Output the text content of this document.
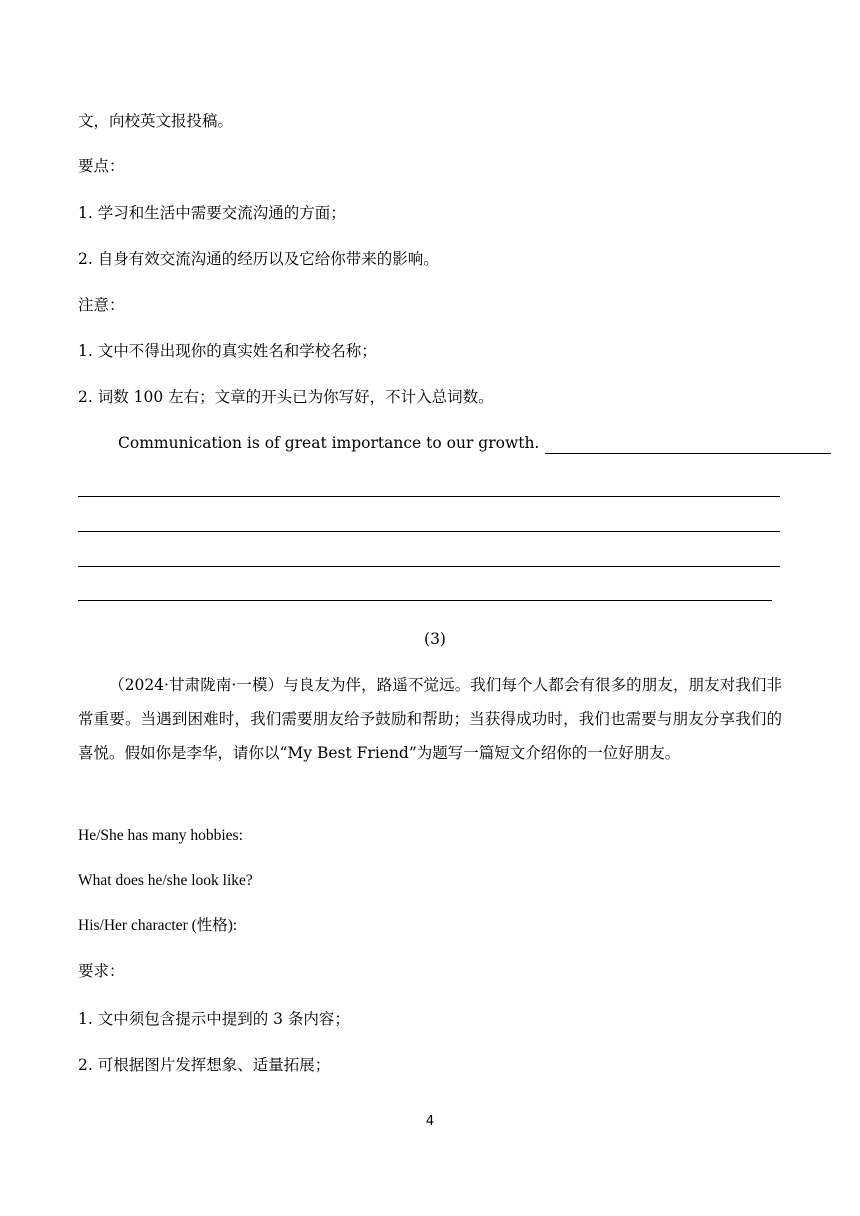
文，向校英文报投稿。
要点：
1. 学习和生活中需要交流沟通的方面；
2. 自身有效交流沟通的经历以及它给你带来的影响。
注意：
1. 文中不得出现你的真实姓名和学校名称；
2. 词数 100 左右；文章的开头已为你写好，不计入总词数。
Communication is of great importance to our growth.
(3)
（2024·甘肃陇南·一模）与良友为伴，路遥不觉远。我们每个人都会有很多的朋友，朋友对我们非常重要。当遇到困难时，我们需要朋友给予鼓励和帮助；当获得成功时，我们也需要与朋友分享我们的喜悦。假如你是李华，请你以“My Best Friend”为题写一篇短文介绍你的一位好朋友。
He/She has many hobbies:
What does he/she look like?
His/Her character (性格):
要求：
1. 文中须包含提示中提到的 3 条内容；
2. 可根据图片发挥想象、适量拓展；
4
